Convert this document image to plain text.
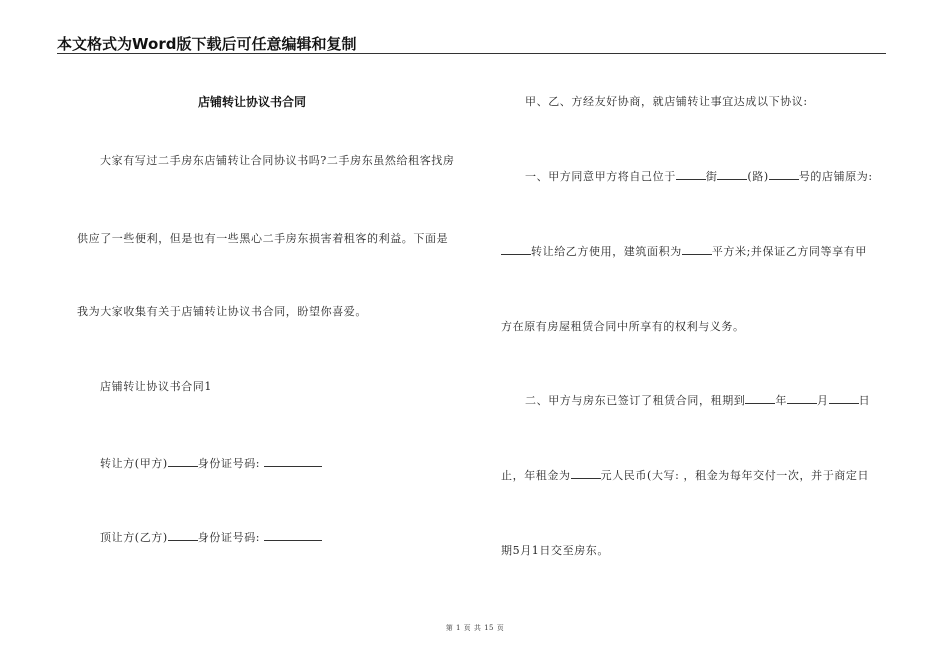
本文格式为Word版下载后可任意编辑和复制
店铺转让协议书合同
大家有写过二手房东店铺转让合同协议书吗?二手房东虽然给租客找房
供应了一些便利，但是也有一些黑心二手房东损害着租客的利益。下面是
我为大家收集有关于店铺转让协议书合同，盼望你喜爱。
店铺转让协议书合同1
转让方(甲方)	身份证号码:
顶让方(乙方)	身份证号码:
甲、乙、方经友好协商，就店铺转让事宜达成以下协议:
一、甲方同意甲方将自己位于	街	(路)	号的店铺原为:
转让给乙方使用，建筑面积为	平方米;并保证乙方同等享有甲
方在原有房屋租赁合同中所享有的权利与义务。
二、甲方与房东已签订了租赁合同，租期到	年	月	日
止，年租金为	元人民币(大写: ，租金为每年交付一次，并于商定日
期5月1日交至房东。
第 1 页 共 15 页
